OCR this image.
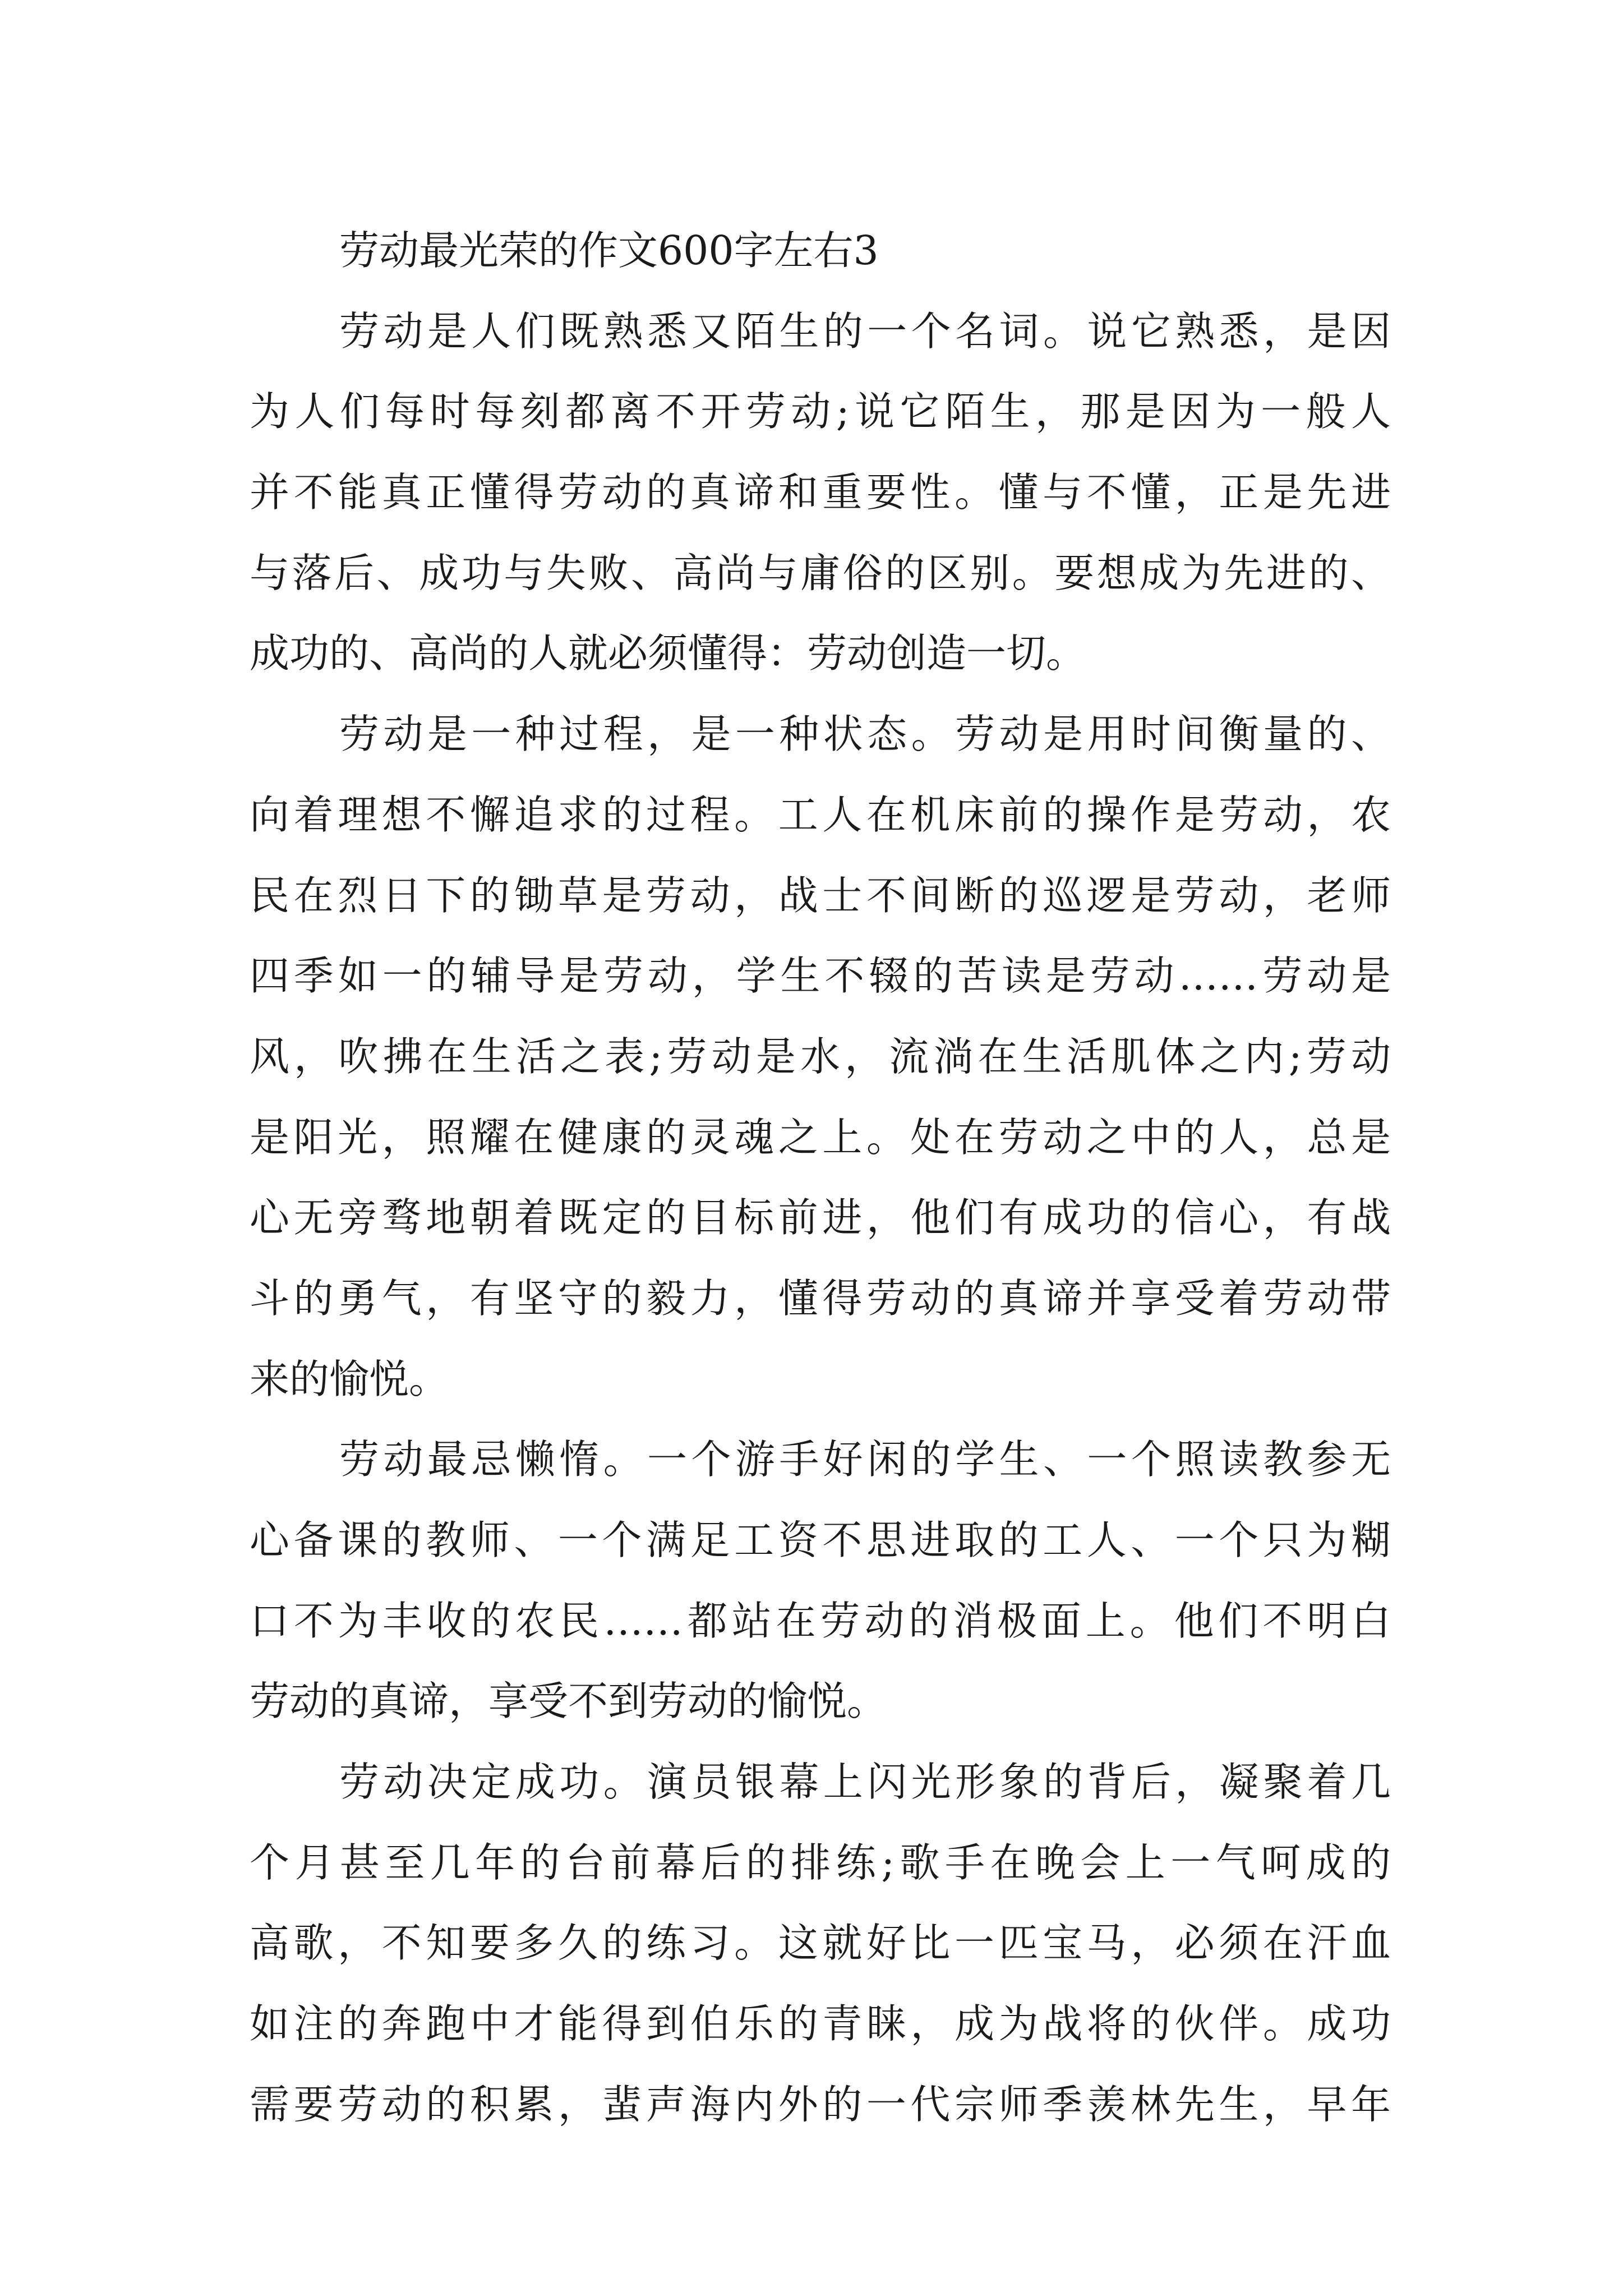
劳动最光荣的作文600字左右3
劳动是人们既熟悉又陌生的一个名词。说它熟悉，是因
为人们每时每刻都离不开劳动;说它陌生，那是因为一般人
并不能真正懂得劳动的真谛和重要性。懂与不懂，正是先进
与落后、成功与失败、高尚与庸俗的区别。要想成为先进的、
成功的、高尚的人就必须懂得：劳动创造一切。
劳动是一种过程，是一种状态。劳动是用时间衡量的、
向着理想不懈追求的过程。工人在机床前的操作是劳动，农
民在烈日下的锄草是劳动，战士不间断的巡逻是劳动，老师
四季如一的辅导是劳动，学生不辍的苦读是劳动……劳动是
风，吹拂在生活之表;劳动是水，流淌在生活肌体之内;劳动
是阳光，照耀在健康的灵魂之上。处在劳动之中的人，总是
心无旁骛地朝着既定的目标前进，他们有成功的信心，有战
斗的勇气，有坚守的毅力，懂得劳动的真谛并享受着劳动带
来的愉悦。
劳动最忌懒惰。一个游手好闲的学生、一个照读教参无
心备课的教师、一个满足工资不思进取的工人、一个只为糊
口不为丰收的农民……都站在劳动的消极面上。他们不明白
劳动的真谛，享受不到劳动的愉悦。
劳动决定成功。演员银幕上闪光形象的背后，凝聚着几
个月甚至几年的台前幕后的排练;歌手在晚会上一气呵成的
高歌，不知要多久的练习。这就好比一匹宝马，必须在汗血
如注的奔跑中才能得到伯乐的青睐，成为战将的伙伴。成功
需要劳动的积累，蜚声海内外的一代宗师季羡林先生，早年
